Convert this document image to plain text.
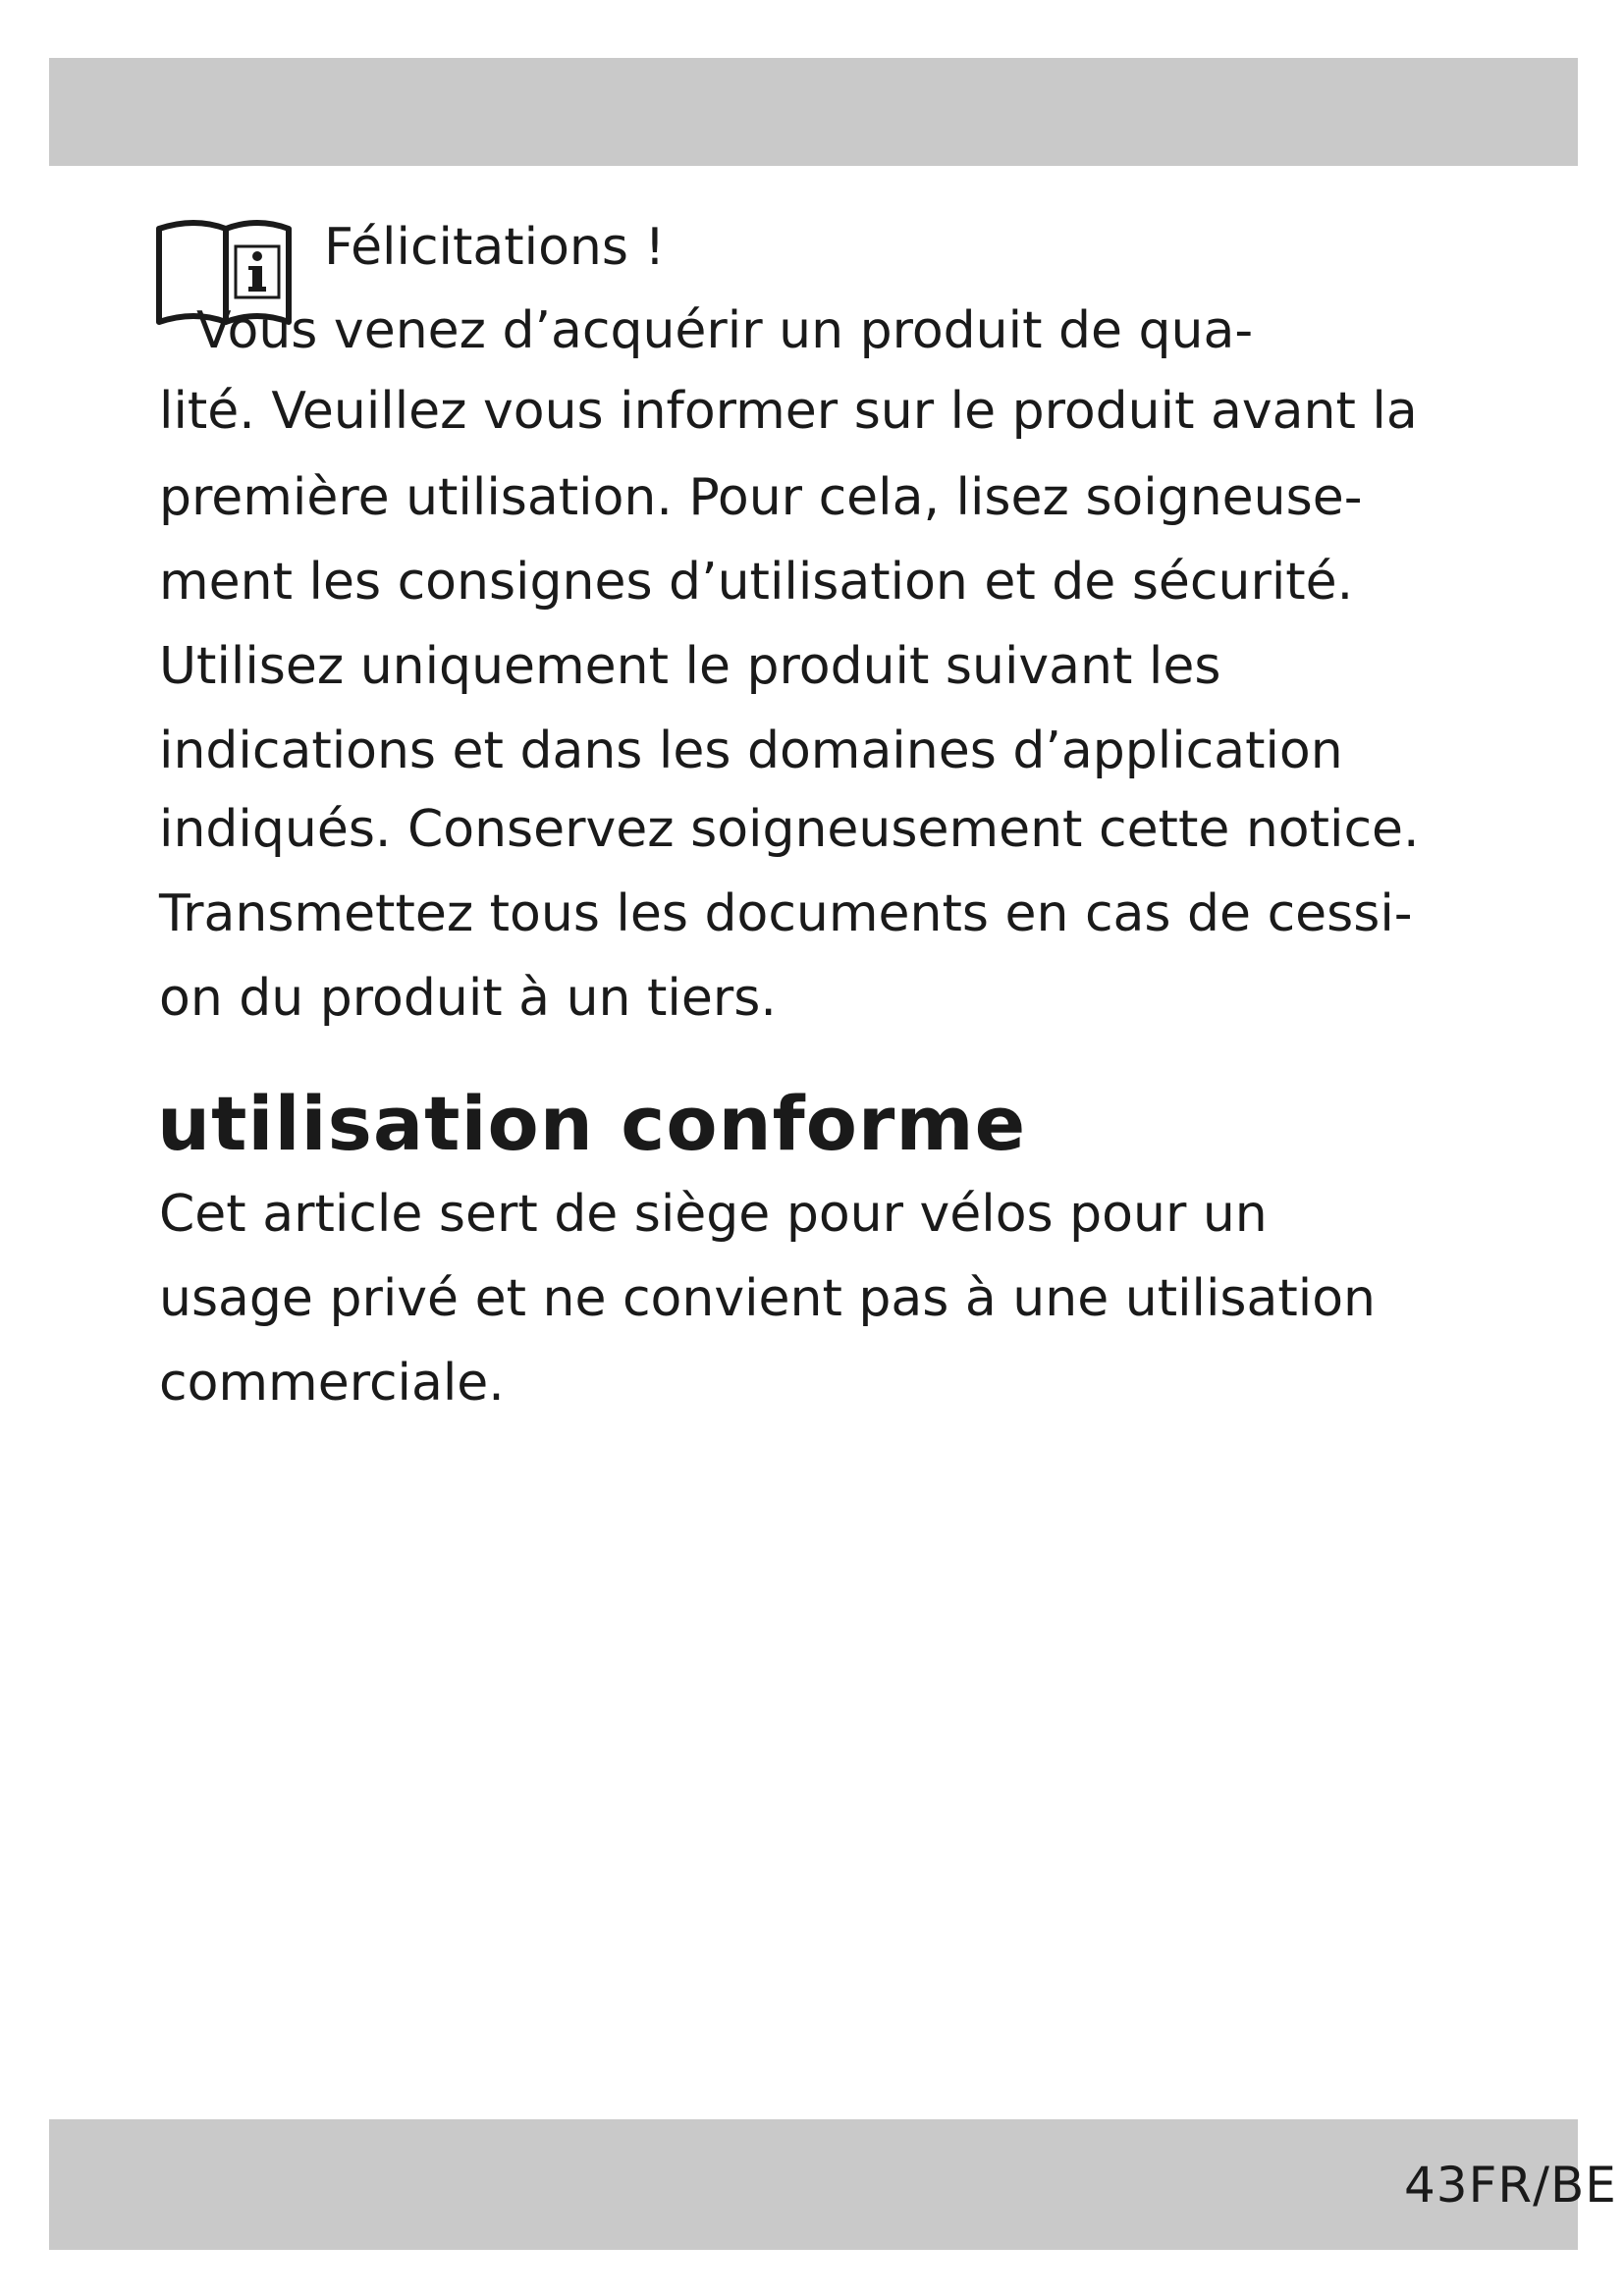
Félicitations !
Vous venez d’acquérir un produit de qua-
lité. Veuillez vous informer sur le produit avant la
première utilisation. Pour cela, lisez soigneuse-
ment les consignes d’utilisation et de sécurité.
Utilisez uniquement le produit suivant les
indications et dans les domaines d’application
indiqués. Conservez soigneusement cette notice.
Transmettez tous les documents en cas de cessi-
on du produit à un tiers.
utilisation conforme
Cet article sert de siège pour vélos pour un
usage privé et ne convient pas à une utilisation
commerciale.
43FR/BE
